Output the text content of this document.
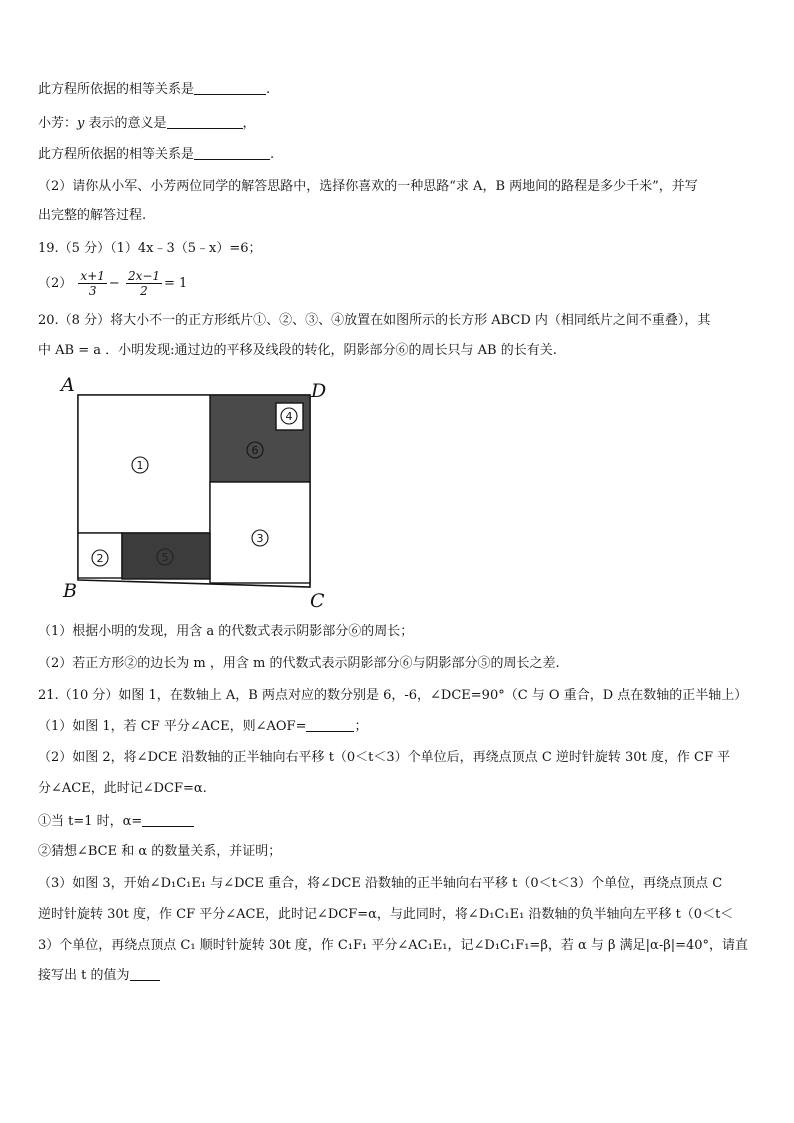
此方程所依据的相等关系是	.
小芳：y 表示的意义是	，
此方程所依据的相等关系是	.
（2）请你从小军、小芳两位同学的解答思路中，选择你喜欢的一种思路“求 A，B 两地间的路程是多少千米”，并写
出完整的解答过程.
19.（5 分）（1）4x﹣3（5﹣x）=6；
$(2) \frac{x+1}{3} - \frac{2x-1}{2} = 1$
20.（8 分）将大小不一的正方形纸片①、②、③、④放置在如图所示的长方形 ABCD 内（相同纸片之间不重叠），其
中 AB = a ．小明发现:通过边的平移及线段的转化，阴影部分⑥的周长只与 AB 的长有关.
1
6
4
3
2	5
A	D
B	C
（1）根据小明的发现，用含 a 的代数式表示阴影部分⑥的周长；
（2）若正方形②的边长为 m ，用含 m 的代数式表示阴影部分⑥与阴影部分⑤的周长之差.
21.（10 分）如图 1，在数轴上 A，B 两点对应的数分别是 6，-6，∠DCE=90°（C 与 O 重合，D 点在数轴的正半轴上）
（1）如图 1，若 CF 平分∠ACE，则∠AOF=	；
（2）如图 2，将∠DCE 沿数轴的正半轴向右平移 t（0＜t＜3）个单位后，再绕点顶点 C 逆时针旋转 30t 度，作 CF 平
分∠ACE，此时记∠DCF=α.
①当 t=1 时，α=
②猜想∠BCE 和 α 的数量关系，并证明；
（3）如图 3，开始∠D₁C₁E₁ 与∠DCE 重合，将∠DCE 沿数轴的正半轴向右平移 t（0＜t＜3）个单位，再绕点顶点 C
逆时针旋转 30t 度，作 CF 平分∠ACE，此时记∠DCF=α，与此同时，将∠D₁C₁E₁ 沿数轴的负半轴向左平移 t（0＜t＜
3）个单位，再绕点顶点 C₁ 顺时针旋转 30t 度，作 C₁F₁ 平分∠AC₁E₁，记∠D₁C₁F₁=β，若 α 与 β 满足|α-β|=40°，请直
接写出 t 的值为
